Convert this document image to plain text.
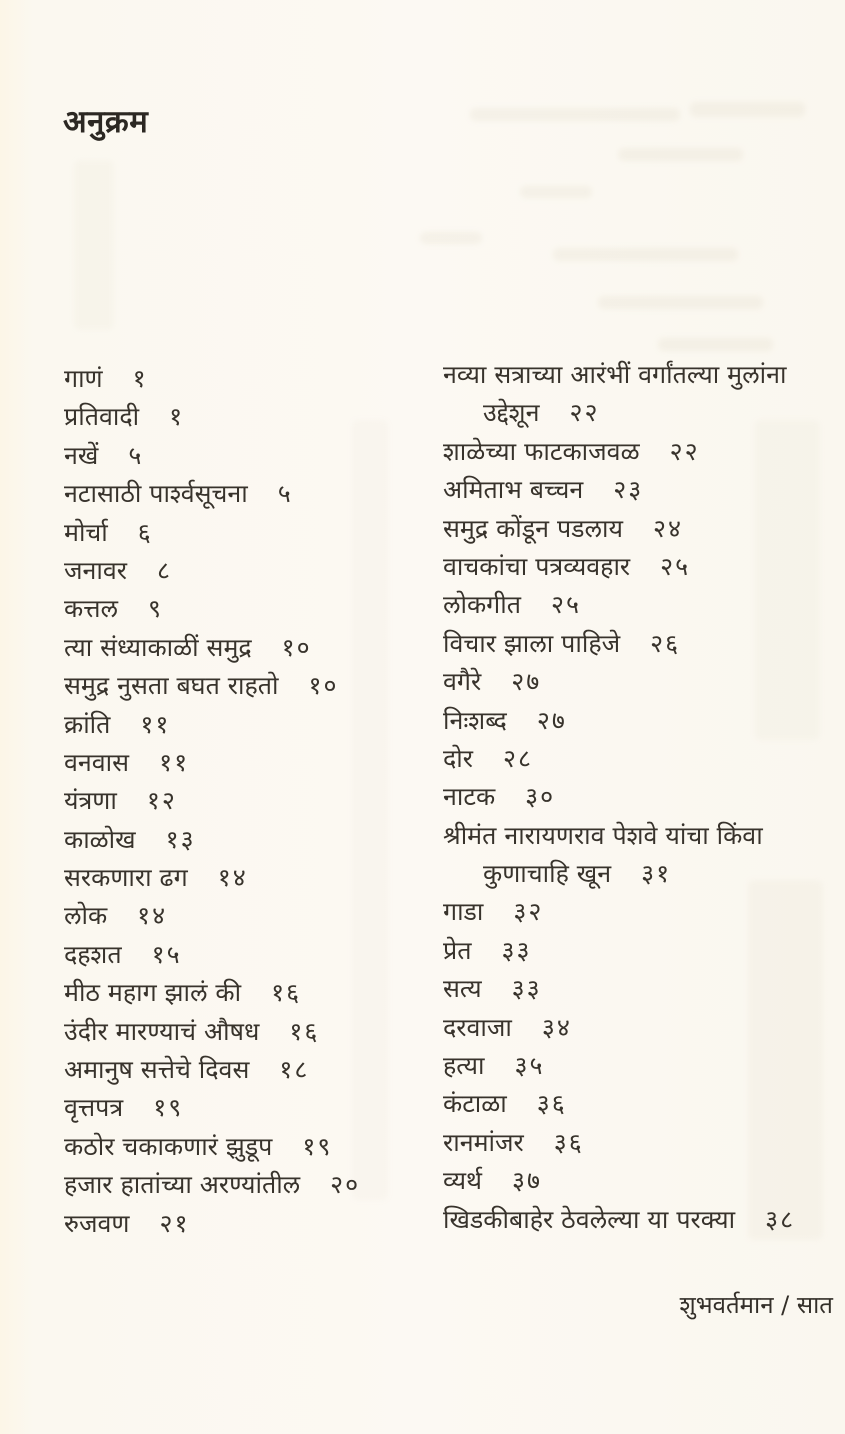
अनुक्रम
गाणं १
प्रतिवादी १
नखें ५
नटासाठी पार्श्वसूचना ५
मोर्चा ६
जनावर ८
कत्तल ९
त्या संध्याकाळीं समुद्र १०
समुद्र नुसता बघत राहतो १०
क्रांति ११
वनवास ११
यंत्रणा १२
काळोख १३
सरकणारा ढग १४
लोक १४
दहशत १५
मीठ महाग झालं की १६
उंदीर मारण्याचं औषध १६
अमानुष सत्तेचे दिवस १८
वृत्तपत्र १९
कठोर चकाकणारं झुडूप १९
हजार हातांच्या अरण्यांतील २०
रुजवण २१
नव्या सत्राच्या आरंभीं वर्गांतल्या मुलांना
उद्देशून २२
शाळेच्या फाटकाजवळ २२
अमिताभ बच्चन २३
समुद्र कोंडून पडलाय २४
वाचकांचा पत्रव्यवहार २५
लोकगीत २५
विचार झाला पाहिजे २६
वगैरे २७
निःशब्द २७
दोर २८
नाटक ३०
श्रीमंत नारायणराव पेशवे यांचा किंवा
कुणाचाहि खून ३१
गाडा ३२
प्रेत ३३
सत्य ३३
दरवाजा ३४
हत्या ३५
कंटाळा ३६
रानमांजर ३६
व्यर्थ ३७
खिडकीबाहेर ठेवलेल्या या परक्या ३८
शुभवर्तमान / सात
